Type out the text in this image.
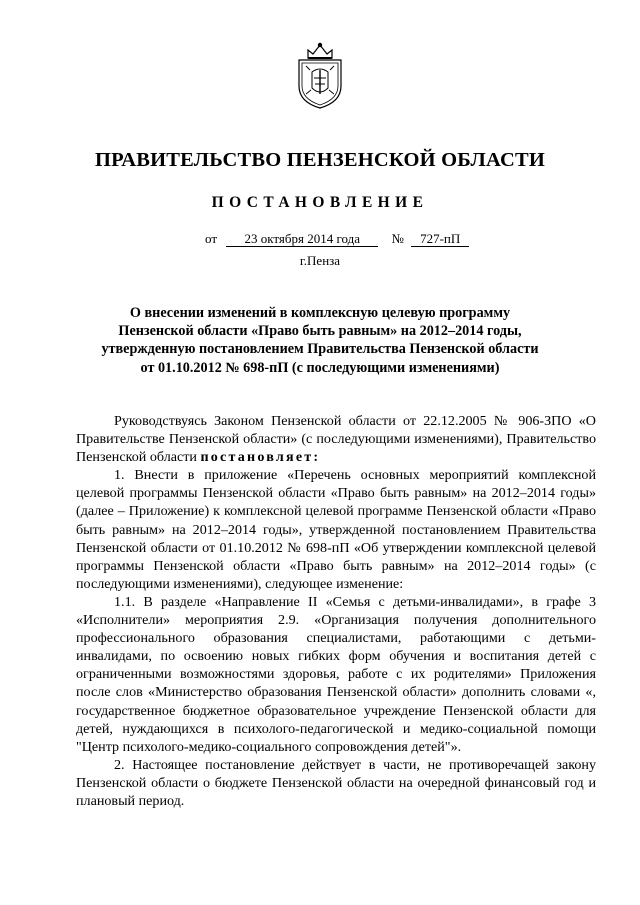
ПРАВИТЕЛЬСТВО ПЕНЗЕНСКОЙ ОБЛАСТИ
ПОСТАНОВЛЕНИЕ
от 23 октября 2014 года № 727-пП
г.Пенза
О внесении изменений в комплексную целевую программу
Пензенской области «Право быть равным» на 2012–2014 годы,
утвержденную постановлением Правительства Пензенской области
от 01.10.2012 № 698-пП (с последующими изменениями)

Руководствуясь Законом Пензенской области от 22.12.2005 № 906-ЗПО «О Правительстве Пензенской области» (с последующими изменениями), Правительство Пензенской области постановляет:

1. Внести в приложение «Перечень основных мероприятий комплексной целевой программы Пензенской области «Право быть равным» на 2012–2014 годы» (далее – Приложение) к комплексной целевой программе Пензенской области «Право быть равным» на 2012–2014 годы», утвержденной постановлением Правительства Пензенской области от 01.10.2012 № 698-пП «Об утверждении комплексной целевой программы Пензенской области «Право быть равным» на 2012–2014 годы» (с последующими изменениями), следующее изменение:

1.1. В разделе «Направление II «Семья с детьми-инвалидами», в графе 3 «Исполнители» мероприятия 2.9. «Организация получения дополнительного профессионального образования специалистами, работающими с детьми-инвалидами, по освоению новых гибких форм обучения и воспитания детей с ограниченными возможностями здоровья, работе с их родителями» Приложения после слов «Министерство образования Пензенской области» дополнить словами «, государственное бюджетное образовательное учреждение Пензенской области для детей, нуждающихся в психолого-педагогической и медико-социальной помощи "Центр психолого-медико-социального сопровождения детей"».

2. Настоящее постановление действует в части, не противоречащей закону Пензенской области о бюджете Пензенской области на очередной финансовый год и плановый период.
